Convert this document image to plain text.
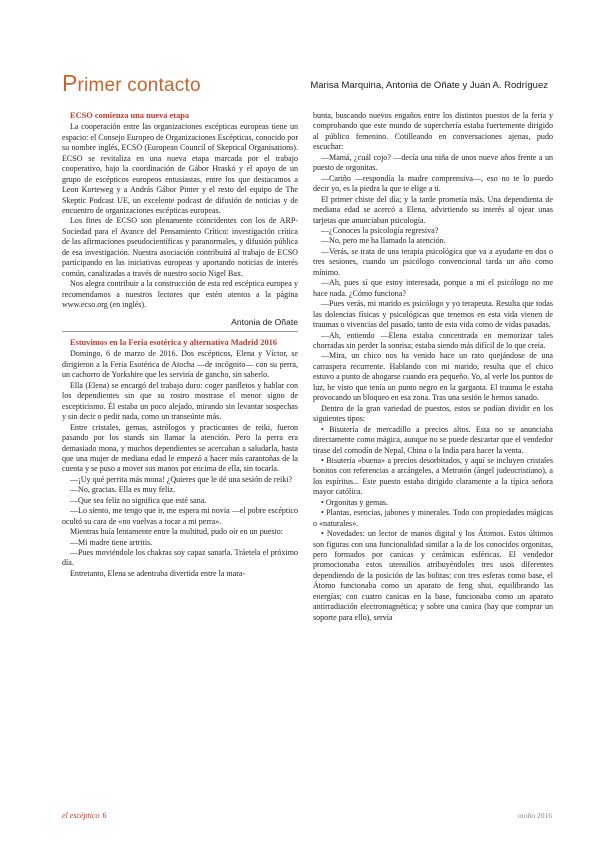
Primer contacto	Marisa Marquina, Antonia de Oñate y Juan A. Rodríguez
ECSO comienza una nueva etapa

La cooperación entre las organizaciones escépticas europeas tiene un espacio: el Consejo Europeo de Organizaciones Escépticas, conocido por su nombre inglés, ECSO (European Council of Skeptical Organisations). ECSO se revitaliza en una nueva etapa marcada por el trabajo cooperativo, bajo la coordinación de Gábor Hraskó y el apoyo de un grupo de escépticos europeos entusiastas, entre los que destacamos a Leon Korteweg y a András Gábor Pinter y el resto del equipo de The Skeptic Podcast UE, un excelente podcast de difusión de noticias y de encuentro de organizaciones escépticas europeas.

Los fines de ECSO son plenamente coincidentes con los de ARP-Sociedad para el Avance del Pensamiento Crítico: investigación crítica de las afirmaciones pseudocientíficas y paranormales, y difusión pública de esa investigación. Nuestra asociación contribuirá al trabajo de ECSO participando en las iniciativas europeas y aportando noticias de interés común, canalizadas a través de nuestro socio Nigel Bax.

Nos alegra contribuir a la construcción de esta red escéptica europea y recomendamos a nuestros lectores que estén atentos a la página www.ecso.org (en inglés).

Antonia de Oñate
Estuvimos en la Feria esotérica y alternativa Madrid 2016

Domingo, 6 de marzo de 2016. Dos escépticos, Elena y Víctor, se dirigieron a la Feria Esotérica de Atocha —de incógnito— con su perra, un cachorro de Yorkshire que les serviría de gancho, sin saberlo.

Ella (Elena) se encargó del trabajo duro: coger panfletos y hablar con los dependientes sin que su rostro mostrase el menor signo de escepticismo. Él estaba un poco alejado, mirando sin levantar sospechas y sin decir o pedir nada, como un transeúnte más.

Entre cristales, gemas, astrólogos y practicantes de reiki, fueron pasando por los stands sin llamar la atención. Pero la perra era demasiado mona, y muchos dependientes se acercaban a saludarla, hasta que una mujer de mediana edad le empezó a hacer más carantoñas de la cuenta y se puso a mover sus manos por encima de ella, sin tocarla.

—¡Uy qué perrita más mona! ¿Quieres que le dé una sesión de reiki?

—No, gracias. Ella es muy feliz.

—Que sea feliz no significa que esté sana.

—Lo siento, me tengo que ir, me espera mi novia —el pobre escéptico ocultó su cara de «no vuelvas a tocar a mi perra».

Mientras huía lentamente entre la multitud, pudo oír en un puesto:

—Mi madre tiene artritis.

—Pues moviéndole los chakras soy capaz sanarla. Tráetela el próximo día.

Entretanto, Elena se adentraba divertida entre la mara-

bunta, buscando nuevos engaños entre los distintos puestos de la feria y comprobando que este mundo de superchería estaba fuertemente dirigido al público femenino. Cotilleando en conversaciones ajenas, pudo escuchar:

—Mamá, ¿cuál cojo? —decía una niña de unos nueve años frente a un puesto de orgonitas.

—Cariño —respondía la madre comprensiva—, eso no te lo puedo decir yo, es la piedra la que te elige a ti.

El primer chiste del día; y la tarde prometía más. Una dependienta de mediana edad se acercó a Elena, advirtiendo su interés al ojear unas tarjetas que anunciaban psicología.

—¿Conoces la psicología regresiva?

—No, pero me ha llamado la atención.

—Verás, se trata de una terapia psicológica que va a ayudarte en dos o tres sesiones, cuando un psicólogo convencional tarda un año como mínimo.

—Ah, pues sí que estoy interesada, porque a mi el psicólogo no me hace nada. ¿Cómo funciona?

—Pues verás, mi marido es psicólogo y yo terapeuta. Resulta que todas las dolencias físicas y psicológicas que tenemos en esta vida vienen de traumas o vivencias del pasado, tanto de esta vida como de vidas pasadas.

—Ah, entiendo —Elena estaba concentrada en memorizar tales chorradas sin perder la sonrisa; estaba siendo más difícil de lo que creía.

—Mira, un chico nos ha venido hace un rato quejándose de una carraspera recurrente. Hablando con mi marido, resulta que el chico estuvo a punto de ahogarse cuando era pequeño. Yo, al verle los puntos de luz, he visto que tenía un punto negro en la garganta. El trauma le estaba provocando un bloqueo en esa zona. Tras una sesión le hemos sanado.

Dentro de la gran variedad de puestos, estos se podían dividir en los siguientes tipos:

• Bisutería de mercadillo a precios altos. Esta no se anunciaba directamente como mágica, aunque no se puede descartar que el vendedor tirase del comodín de Nepal, China o la India para hacer la venta.

• Bisutería «buena» a precios desorbitados, y aquí se incluyen cristales bonitos con referencias a arcángeles, a Metratón (ángel judeocristiano), a los espíritus... Este puesto estaba dirigido claramente a la típica señora mayor católica.

• Orgonitas y gemas.

• Plantas, esencias, jabones y minerales. Todo con propiedades mágicas o «naturales».

• Novedades: un lector de manos digital y los Átomos. Estos últimos son figuras con una funcionalidad similar a la de los conocidos orgonitas, pero formados por canicas y cerámicas esféricas. El vendedor promocionaba estos utensilios atribuyéndoles tres usos diferentes dependiendo de la posición de las bolitas: con tres esferas como base, el Átomo funcionaba como un aparato de feng shui, equilibrando las energías; con cuatro canicas en la base, funcionaba como un aparato antirradiación electromagnética; y sobre una canica (hay que comprar un soporte para ello), servía

el escéptico 6	otoño 2016
